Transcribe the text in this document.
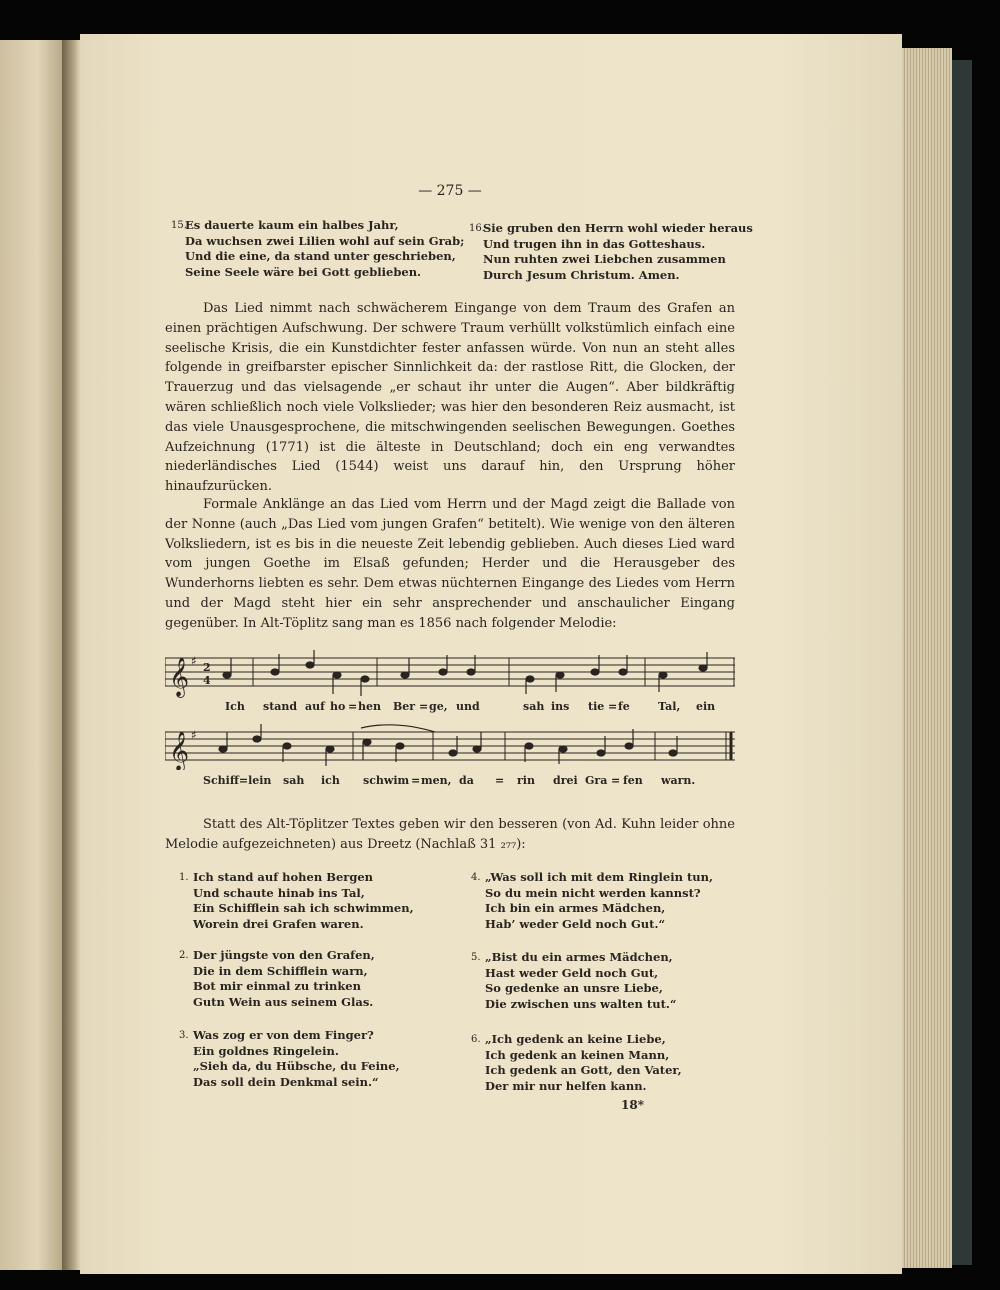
— 275 —
15.
Es dauerte kaum ein halbes Jahr,
Da wuchsen zwei Lilien wohl auf sein Grab;
Und die eine, da stand unter geschrieben,
Seine Seele wäre bei Gott geblieben.
16.
Sie gruben den Herrn wohl wieder heraus
Und trugen ihn in das Gotteshaus.
Nun ruhten zwei Liebchen zusammen
Durch Jesum Christum. Amen.

Das Lied nimmt nach schwächerem Eingange von dem Traum des Grafen an einen prächtigen Aufschwung. Der schwere Traum verhüllt volkstümlich einfach eine seelische Krisis, die ein Kunstdichter fester anfassen würde. Von nun an steht alles folgende in greifbarster epischer Sinnlichkeit da: der rastlose Ritt, die Glocken, der Trauerzug und das vielsagende „er schaut ihr unter die Augen“. Aber bildkräftig wären schließlich noch viele Volkslieder; was hier den besonderen Reiz ausmacht, ist das viele Unausgesprochene, die mitschwingenden seelischen Bewegungen. Goethes Aufzeichnung (1771) ist die älteste in Deutschland; doch ein eng verwandtes niederländisches Lied (1544) weist uns darauf hin, den Ursprung höher hinaufzurücken.

Formale Anklänge an das Lied vom Herrn und der Magd zeigt die Ballade von der Nonne (auch „Das Lied vom jungen Grafen“ betitelt). Wie wenige von den älteren Volksliedern, ist es bis in die neueste Zeit lebendig geblieben. Auch dieses Lied ward vom jungen Goethe im Elsaß gefunden; Herder und die Herausgeber des Wunderhorns liebten es sehr. Dem etwas nüchternen Eingange des Liedes vom Herrn und der Magd steht hier ein sehr ansprechender und anschaulicher Eingang gegenüber. In Alt-Töplitz sang man es 1856 nach folgender Melodie:

𝄞 ♯ 2
4
Ich stand auf ho = hen Ber = ge, und	sah ins tie = fe	Tal, ein
𝄞 ♯
Schiff=lein sah ich schwim = men, da = rin drei Gra = fen warn.

Statt des Alt-Töplitzer Textes geben wir den besseren (von Ad. Kuhn leider ohne Melodie aufgezeichneten) aus Dreetz (Nachlaß 31 ₂₇₇):

1. Ich stand auf hohen Bergen
Und schaute hinab ins Tal,
Ein Schifflein sah ich schwimmen,
Worein drei Grafen waren.
2. Der jüngste von den Grafen,
Die in dem Schifflein warn,
Bot mir einmal zu trinken
Gutn Wein aus seinem Glas.
3. Was zog er von dem Finger?
Ein goldnes Ringelein.
„Sieh da, du Hübsche, du Feine,
Das soll dein Denkmal sein.“
4. „Was soll ich mit dem Ringlein tun,
So du mein nicht werden kannst?
Ich bin ein armes Mädchen,
Hab’ weder Geld noch Gut.“
5. „Bist du ein armes Mädchen,
Hast weder Geld noch Gut,
So gedenke an unsre Liebe,
Die zwischen uns walten tut.“
6. „Ich gedenk an keine Liebe,
Ich gedenk an keinen Mann,
Ich gedenk an Gott, den Vater,
Der mir nur helfen kann.
18*
